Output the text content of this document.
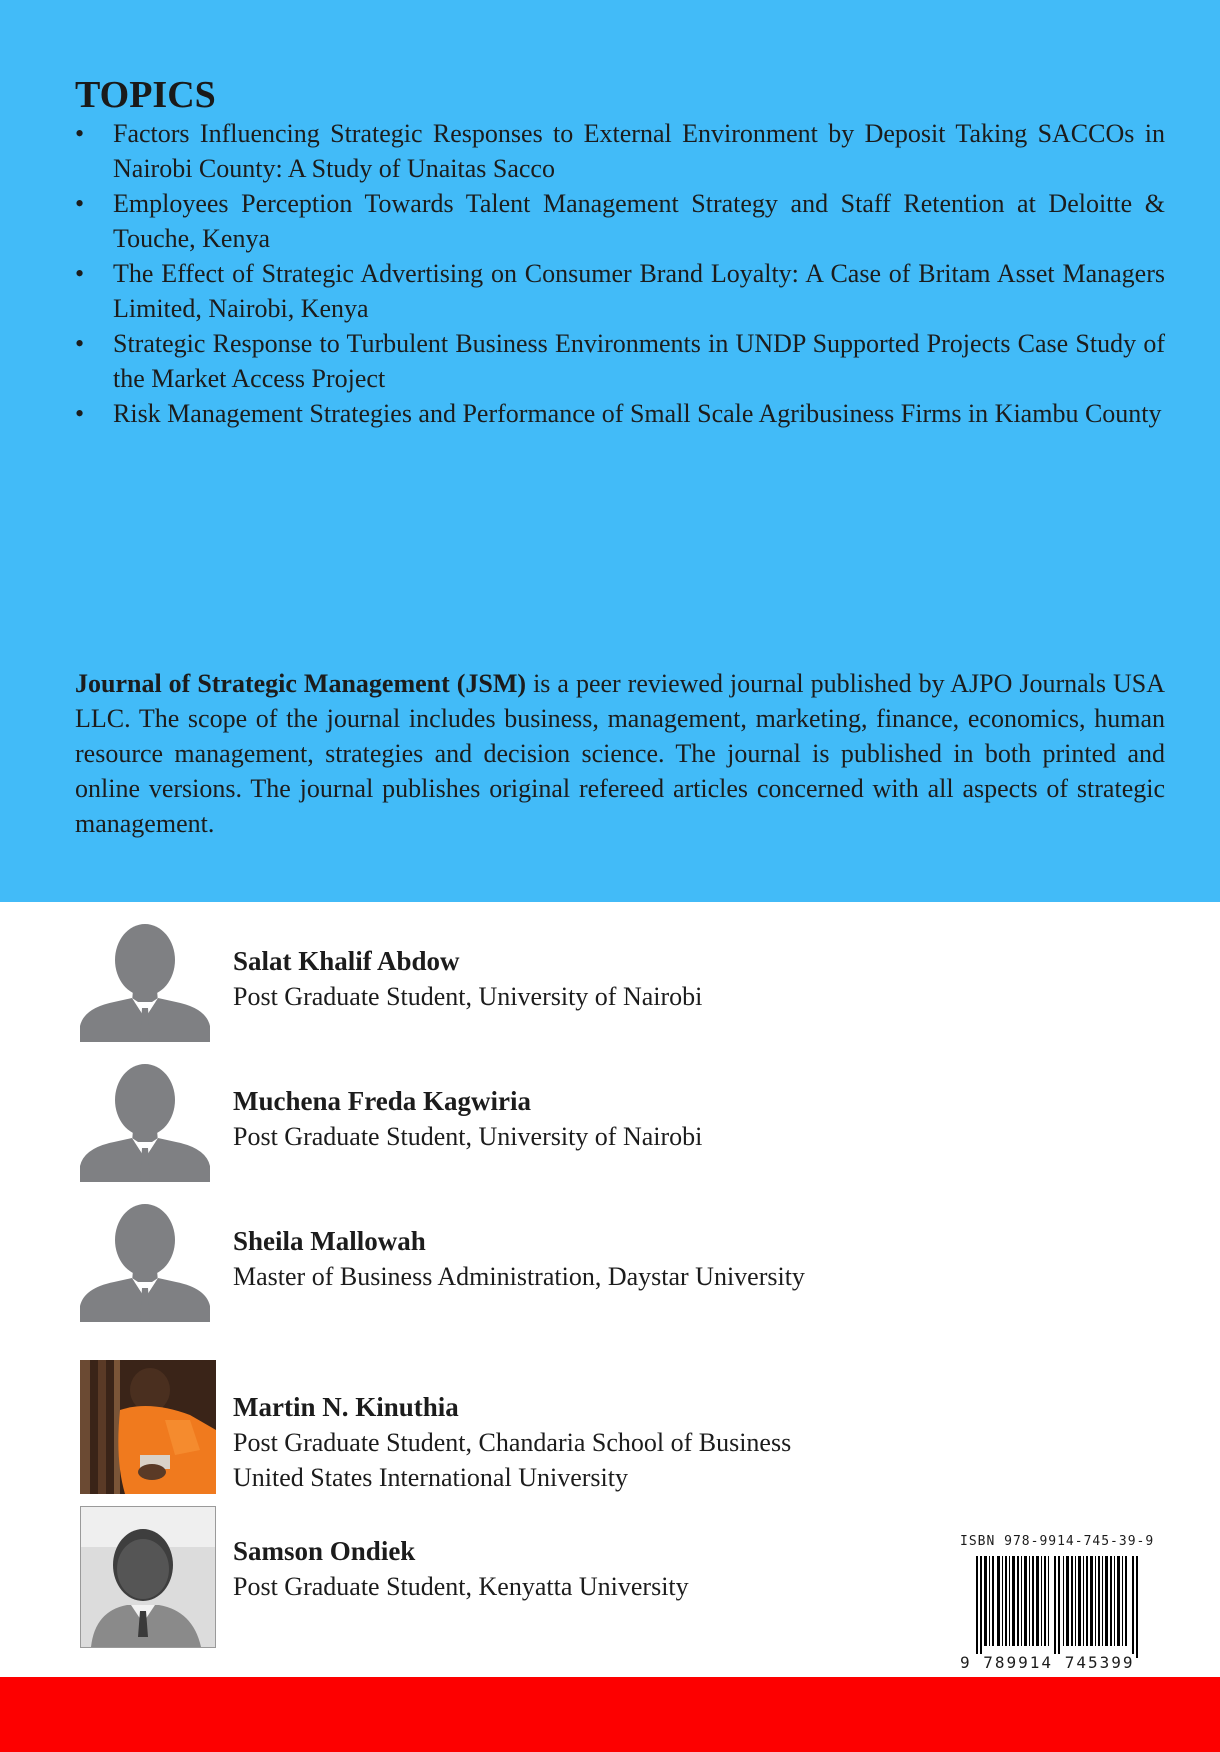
TOPICS
• Factors Influencing Strategic Responses to External Environment by Deposit Taking SACCOs in Nairobi County: A Study of Unaitas Sacco
• Employees Perception Towards Talent Management Strategy and Staff Retention at Deloitte & Touche, Kenya
• The Effect of Strategic Advertising on Consumer Brand Loyalty: A Case of Britam Asset Managers Limited, Nairobi, Kenya
• Strategic Response to Turbulent Business Environments in UNDP Supported Projects Case Study of the Market Access Project
• Risk Management Strategies and Performance of Small Scale Agribusiness Firms in Kiambu County

Journal of Strategic Management (JSM) is a peer reviewed journal published by AJPO Journals USA LLC. The scope of the journal includes business, management, marketing, finance, economics, human resource management, strategies and decision science. The journal is published in both printed and online versions. The journal publishes original refereed articles concerned with all aspects of strategic management.

Salat Khalif Abdow
Post Graduate Student, University of Nairobi
Muchena Freda Kagwiria
Post Graduate Student, University of Nairobi
Sheila Mallowah
Master of Business Administration, Daystar University
Martin N. Kinuthia
Post Graduate Student, Chandaria School of Business
United States International University
Samson Ondiek
Post Graduate Student, Kenyatta University
ISBN 978-9914-745-39-9
9 789914 745399
